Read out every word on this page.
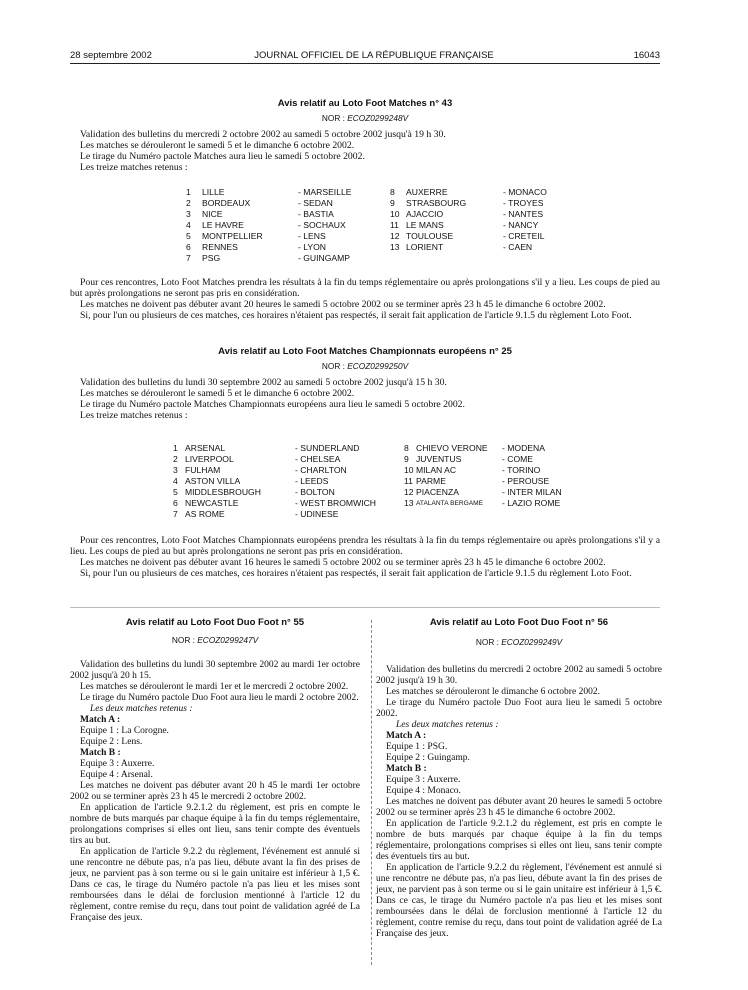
28 septembre 2002	JOURNAL OFFICIEL DE LA RÉPUBLIQUE FRANÇAISE	16043
Avis relatif au Loto Foot Matches n° 43
NOR : ECOZ0299248V

Validation des bulletins du mercredi 2 octobre 2002 au samedi 5 octobre 2002 jusqu'à 19 h 30.

Les matches se dérouleront le samedi 5 et le dimanche 6 octobre 2002.

Le tirage du Numéro pactole Matches aura lieu le samedi 5 octobre 2002.

Les treize matches retenus :

1 LILLE	- MARSEILLE
2 BORDEAUX	- SEDAN
3 NICE	- BASTIA
4 LE HAVRE	- SOCHAUX
5 MONTPELLIER	- LENS
6 RENNES	- LYON
7 PSG	- GUINGAMP
8 AUXERRE	- MONACO
9 STRASBOURG	- TROYES
10 AJACCIO	- NANTES
11 LE MANS	- NANCY
12 TOULOUSE	- CRETEIL
13 LORIENT	- CAEN

Pour ces rencontres, Loto Foot Matches prendra les résultats à la fin du temps réglementaire ou après prolongations s'il y a lieu. Les coups de pied au but après prolongations ne seront pas pris en considération.

Les matches ne doivent pas débuter avant 20 heures le samedi 5 octobre 2002 ou se terminer après 23 h 45 le dimanche 6 octobre 2002.

Si, pour l'un ou plusieurs de ces matches, ces horaires n'étaient pas respectés, il serait fait application de l'article 9.1.5 du règlement Loto Foot.

Avis relatif au Loto Foot Matches Championnats européens n° 25
NOR : ECOZ0299250V

Validation des bulletins du lundi 30 septembre 2002 au samedi 5 octobre 2002 jusqu'à 15 h 30.

Les matches se dérouleront le samedi 5 et le dimanche 6 octobre 2002.

Le tirage du Numéro pactole Matches Championnats européens aura lieu le samedi 5 octobre 2002.

Les treize matches retenus :

1 ARSENAL	- SUNDERLAND
2 LIVERPOOL	- CHELSEA
3 FULHAM	- CHARLTON
4 ASTON VILLA	- LEEDS
5 MIDDLESBROUGH	- BOLTON
6 NEWCASTLE	- WEST BROMWICH
7 AS ROME	- UDINESE
8 CHIEVO VERONE - MODENA
9 JUVENTUS	- COME
10 MILAN AC	- TORINO
11 PARME	- PEROUSE
12 PIACENZA	- INTER MILAN
13 ATALANTA BERGAME - LAZIO ROME

Pour ces rencontres, Loto Foot Matches Championnats européens prendra les résultats à la fin du temps réglementaire ou après prolongations s'il y a lieu. Les coups de pied au but après prolongations ne seront pas pris en considération.

Les matches ne doivent pas débuter avant 16 heures le samedi 5 octobre 2002 ou se terminer après 23 h 45 le dimanche 6 octobre 2002.

Si, pour l'un ou plusieurs de ces matches, ces horaires n'étaient pas respectés, il serait fait application de l'article 9.1.5 du règlement Loto Foot.

Avis relatif au Loto Foot Duo Foot n° 55
NOR : ECOZ0299247V

Validation des bulletins du lundi 30 septembre 2002 au mardi 1er octobre 2002 jusqu'à 20 h 15.

Les matches se dérouleront le mardi 1er et le mercredi 2 octobre 2002.

Le tirage du Numéro pactole Duo Foot aura lieu le mardi 2 octobre 2002.

Les deux matches retenus :

Match A :

Equipe 1 : La Corogne.

Equipe 2 : Lens.

Match B :

Equipe 3 : Auxerre.

Equipe 4 : Arsenal.

Les matches ne doivent pas débuter avant 20 h 45 le mardi 1er octobre 2002 ou se terminer après 23 h 45 le mercredi 2 octobre 2002.

En application de l'article 9.2.1.2 du règlement, est pris en compte le nombre de buts marqués par chaque équipe à la fin du temps réglementaire, prolongations comprises si elles ont lieu, sans tenir compte des éventuels tirs au but.

En application de l'article 9.2.2 du règlement, l'événement est annulé si une rencontre ne débute pas, n'a pas lieu, débute avant la fin des prises de jeux, ne parvient pas à son terme ou si le gain unitaire est inférieur à 1,5 €. Dans ce cas, le tirage du Numéro pactole n'a pas lieu et les mises sont remboursées dans le délai de forclusion mentionné à l'article 12 du règlement, contre remise du reçu, dans tout point de validation agréé de La Française des jeux.

Avis relatif au Loto Foot Duo Foot n° 56
NOR : ECOZ0299249V

Validation des bulletins du mercredi 2 octobre 2002 au samedi 5 octobre 2002 jusqu'à 19 h 30.

Les matches se dérouleront le dimanche 6 octobre 2002.

Le tirage du Numéro pactole Duo Foot aura lieu le samedi 5 octobre 2002.

Les deux matches retenus :

Match A :

Equipe 1 : PSG.

Equipe 2 : Guingamp.

Match B :

Equipe 3 : Auxerre.

Equipe 4 : Monaco.

Les matches ne doivent pas débuter avant 20 heures le samedi 5 octobre 2002 ou se terminer après 23 h 45 le dimanche 6 octobre 2002.

En application de l'article 9.2.1.2 du règlement, est pris en compte le nombre de buts marqués par chaque équipe à la fin du temps réglementaire, prolongations comprises si elles ont lieu, sans tenir compte des éventuels tirs au but.

En application de l'article 9.2.2 du règlement, l'événement est annulé si une rencontre ne débute pas, n'a pas lieu, débute avant la fin des prises de jeux, ne parvient pas à son terme ou si le gain unitaire est inférieur à 1,5 €. Dans ce cas, le tirage du Numéro pactole n'a pas lieu et les mises sont remboursées dans le délai de forclusion mentionné à l'article 12 du règlement, contre remise du reçu, dans tout point de validation agréé de La Française des jeux.
